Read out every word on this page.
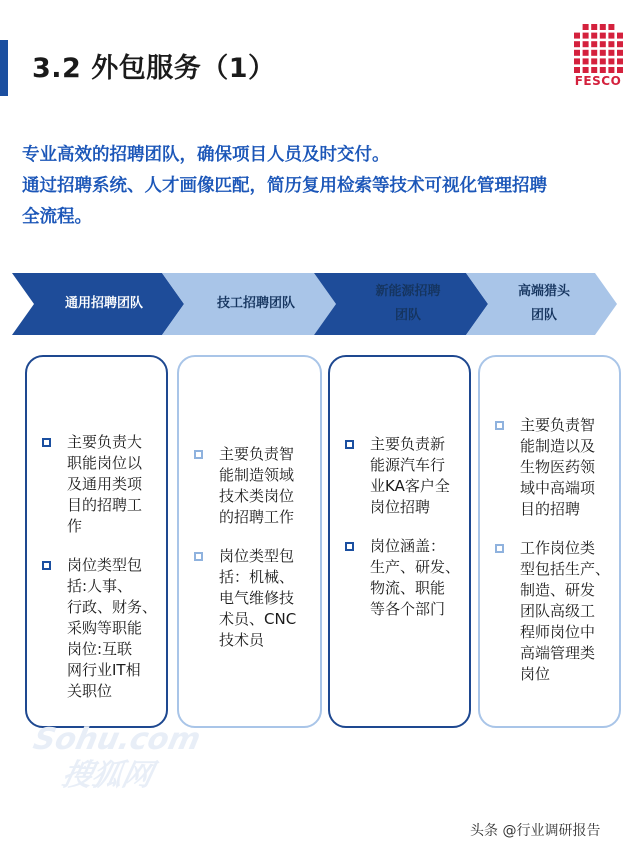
3.2 外包服务（1）	FESCO

专业高效的招聘团队，确保项目人员及时交付。

通过招聘系统、人才画像匹配，简历复用检索等技术可视化管理招聘

全流程。

通用招聘团队	技工招聘团队
新能源招聘
团队
高端猎头
团队
主要负责大
职能岗位以
及通用类项
目的招聘工
作
岗位类型包
括:人事、
行政、财务、
采购等职能
岗位:互联
网行业IT相
关职位
主要负责智
能制造领域
技术类岗位
的招聘工作
岗位类型包
括：机械、
电气维修技
术员、CNC
技术员
主要负责新
能源汽车行
业KA客户全
岗位招聘
岗位涵盖：
生产、研发、
物流、职能
等各个部门
主要负责智
能制造以及
生物医药领
域中高端项
目的招聘
工作岗位类
型包括生产、
制造、研发
团队高级工
程师岗位中
高端管理类
岗位
Sohu.com
搜狐网
头条 @行业调研报告
